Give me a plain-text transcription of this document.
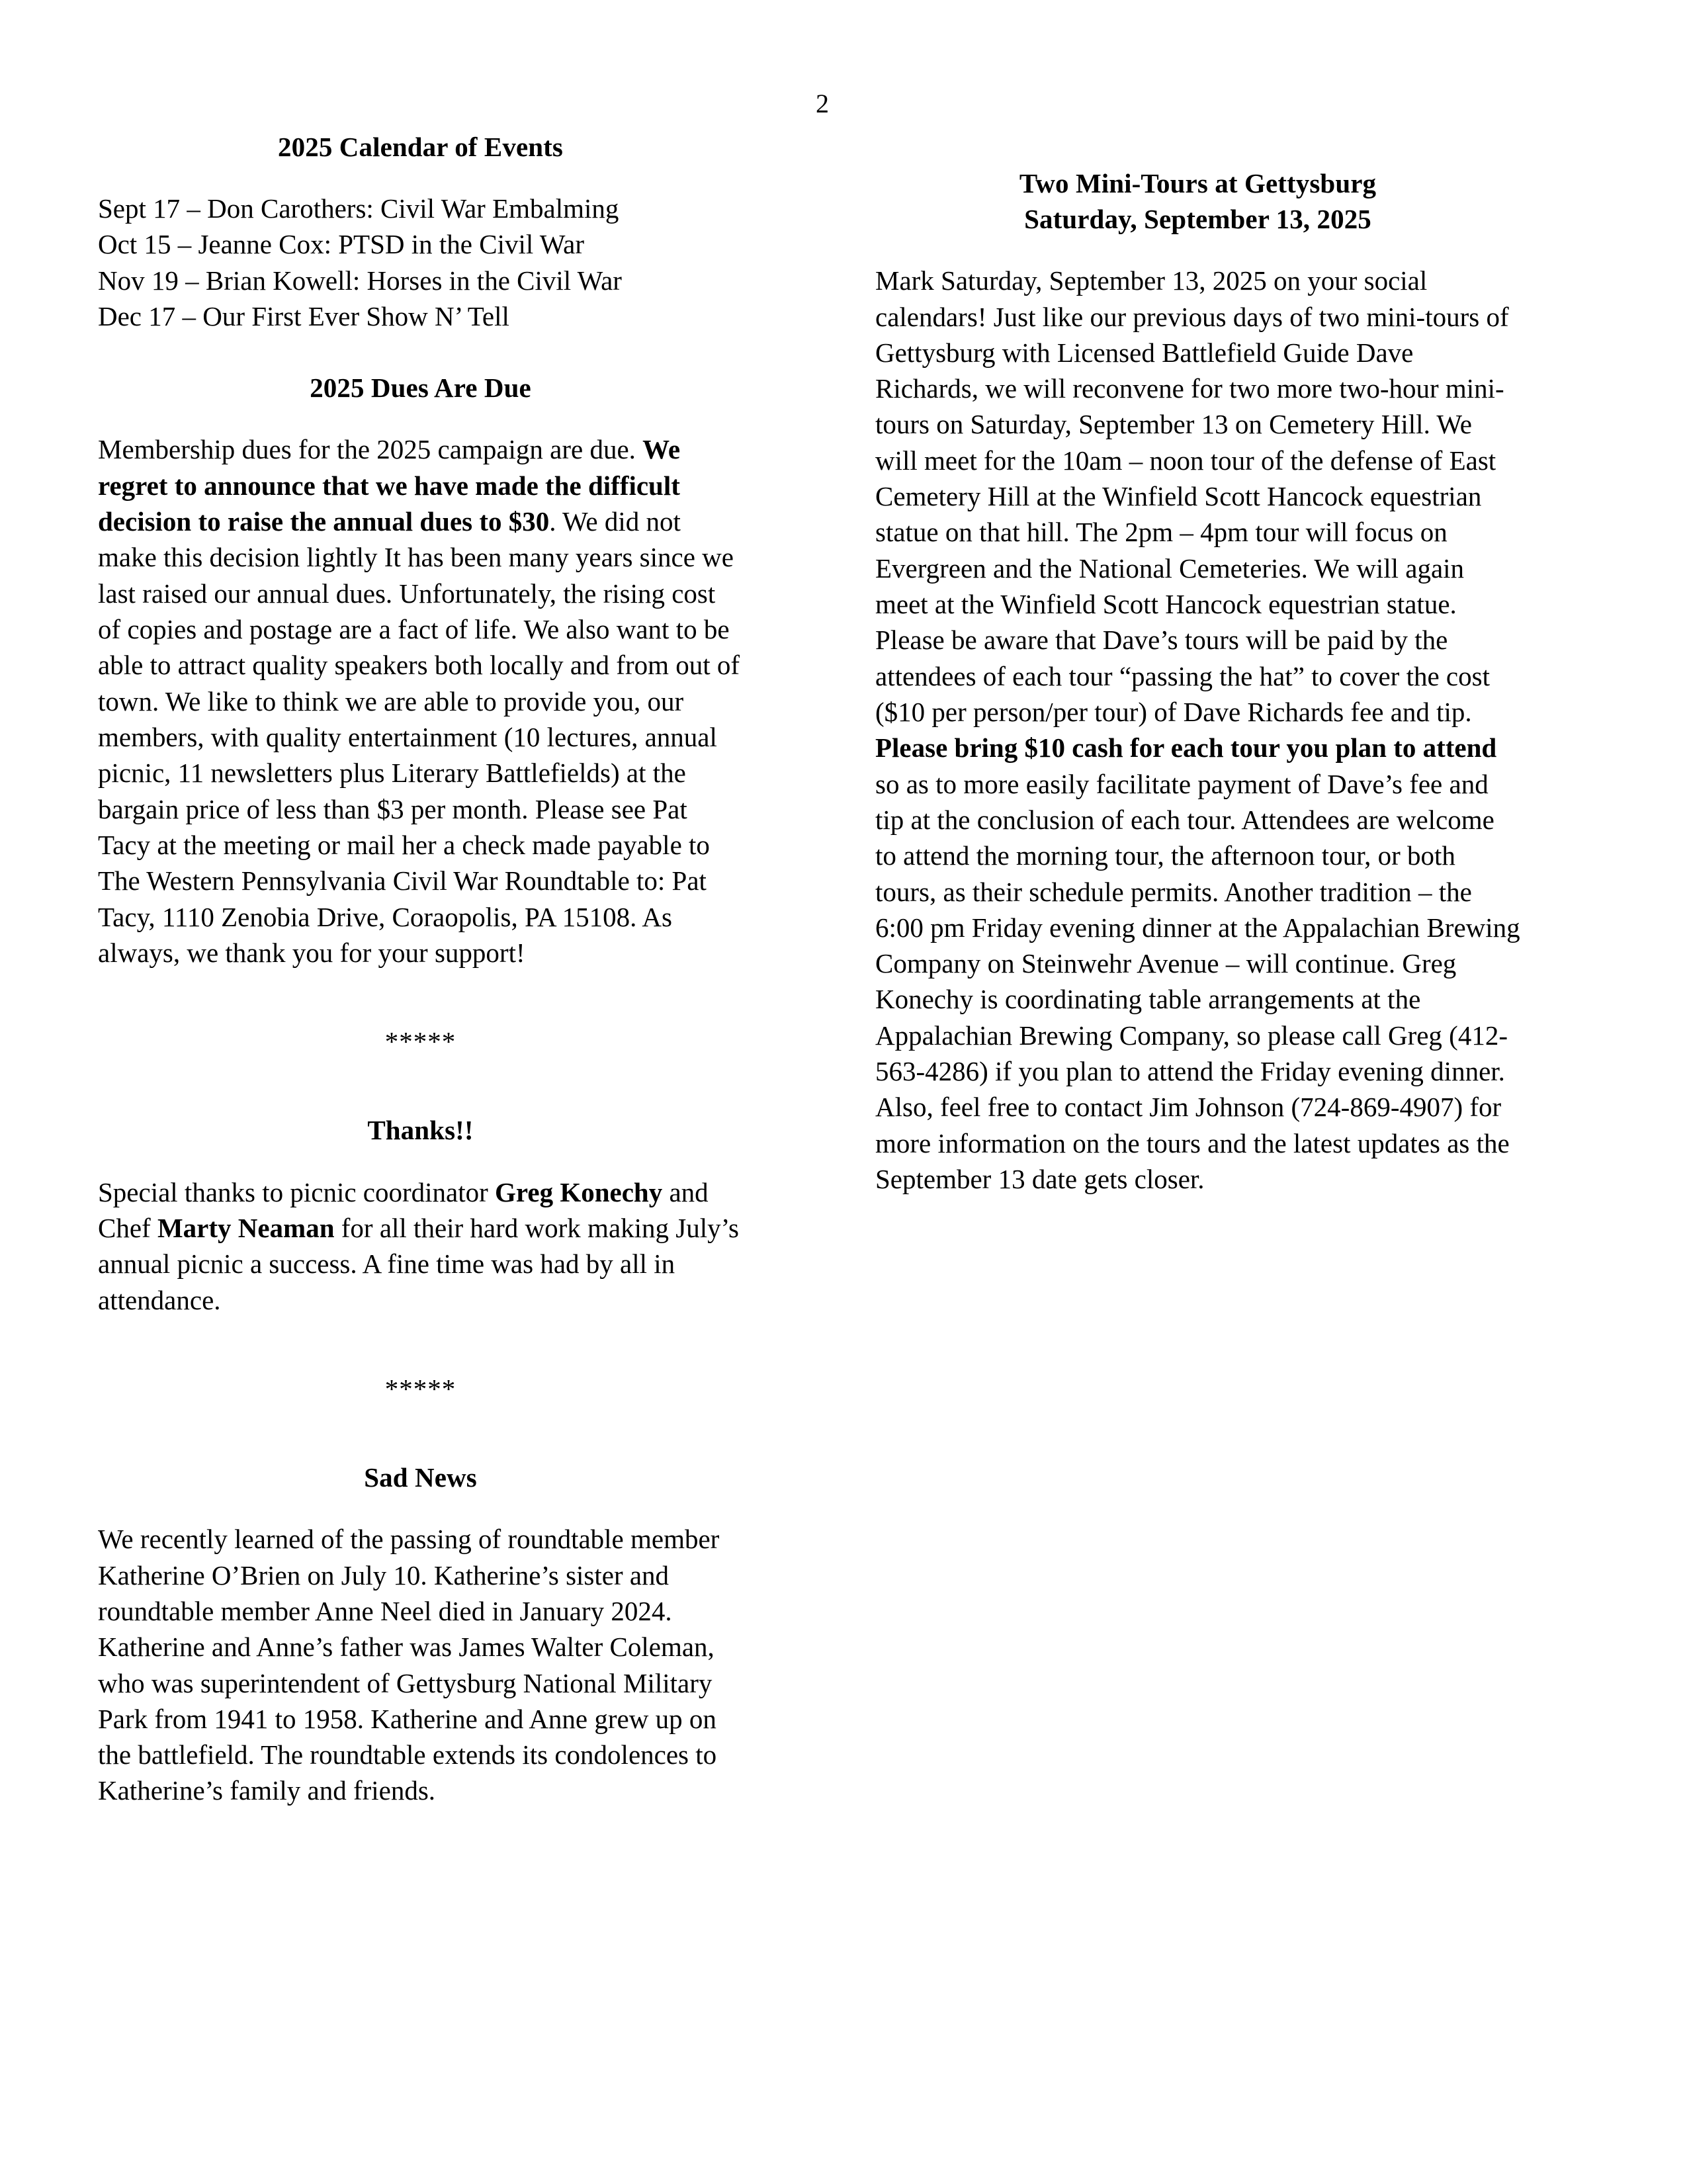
2
2025 Calendar of Events
Sept 17 – Don Carothers: Civil War Embalming
Oct 15 – Jeanne Cox: PTSD in the Civil War
Nov 19 – Brian Kowell: Horses in the Civil War
Dec 17 – Our First Ever Show N’ Tell
2025 Dues Are Due

Membership dues for the 2025 campaign are due. We regret to announce that we have made the difficult decision to raise the annual dues to $30. We did not make this decision lightly It has been many years since we last raised our annual dues. Unfortunately, the rising cost of copies and postage are a fact of life. We also want to be able to attract quality speakers both locally and from out of town. We like to think we are able to provide you, our members, with quality entertainment (10 lectures, annual picnic, 11 newsletters plus Literary Battlefields) at the bargain price of less than $3 per month. Please see Pat Tacy at the meeting or mail her a check made payable to The Western Pennsylvania Civil War Roundtable to: Pat Tacy, 1110 Zenobia Drive, Coraopolis, PA 15108. As always, we thank you for your support!

*****
Thanks!!

Special thanks to picnic coordinator Greg Konechy and Chef Marty Neaman for all their hard work making July’s annual picnic a success. A fine time was had by all in attendance.

*****
Sad News

We recently learned of the passing of roundtable member Katherine O’Brien on July 10. Katherine’s sister and roundtable member Anne Neel died in January 2024. Katherine and Anne’s father was James Walter Coleman, who was superintendent of Gettysburg National Military Park from 1941 to 1958. Katherine and Anne grew up on the battlefield. The roundtable extends its condolences to Katherine’s family and friends.

Two Mini-Tours at Gettysburg
Saturday, September 13, 2025

Mark Saturday, September 13, 2025 on your social calendars! Just like our previous days of two mini-tours of Gettysburg with Licensed Battlefield Guide Dave Richards, we will reconvene for two more two-hour mini-tours on Saturday, September 13 on Cemetery Hill. We will meet for the 10am – noon tour of the defense of East Cemetery Hill at the Winfield Scott Hancock equestrian statue on that hill. The 2pm – 4pm tour will focus on Evergreen and the National Cemeteries. We will again meet at the Winfield Scott Hancock equestrian statue. Please be aware that Dave’s tours will be paid by the attendees of each tour “passing the hat” to cover the cost ($10 per person/per tour) of Dave Richards fee and tip. Please bring $10 cash for each tour you plan to attend so as to more easily facilitate payment of Dave’s fee and tip at the conclusion of each tour. Attendees are welcome to attend the morning tour, the afternoon tour, or both tours, as their schedule permits. Another tradition – the 6:00 pm Friday evening dinner at the Appalachian Brewing Company on Steinwehr Avenue – will continue. Greg Konechy is coordinating table arrangements at the Appalachian Brewing Company, so please call Greg (412-563-4286) if you plan to attend the Friday evening dinner. Also, feel free to contact Jim Johnson (724-869-4907) for more information on the tours and the latest updates as the September 13 date gets closer.
